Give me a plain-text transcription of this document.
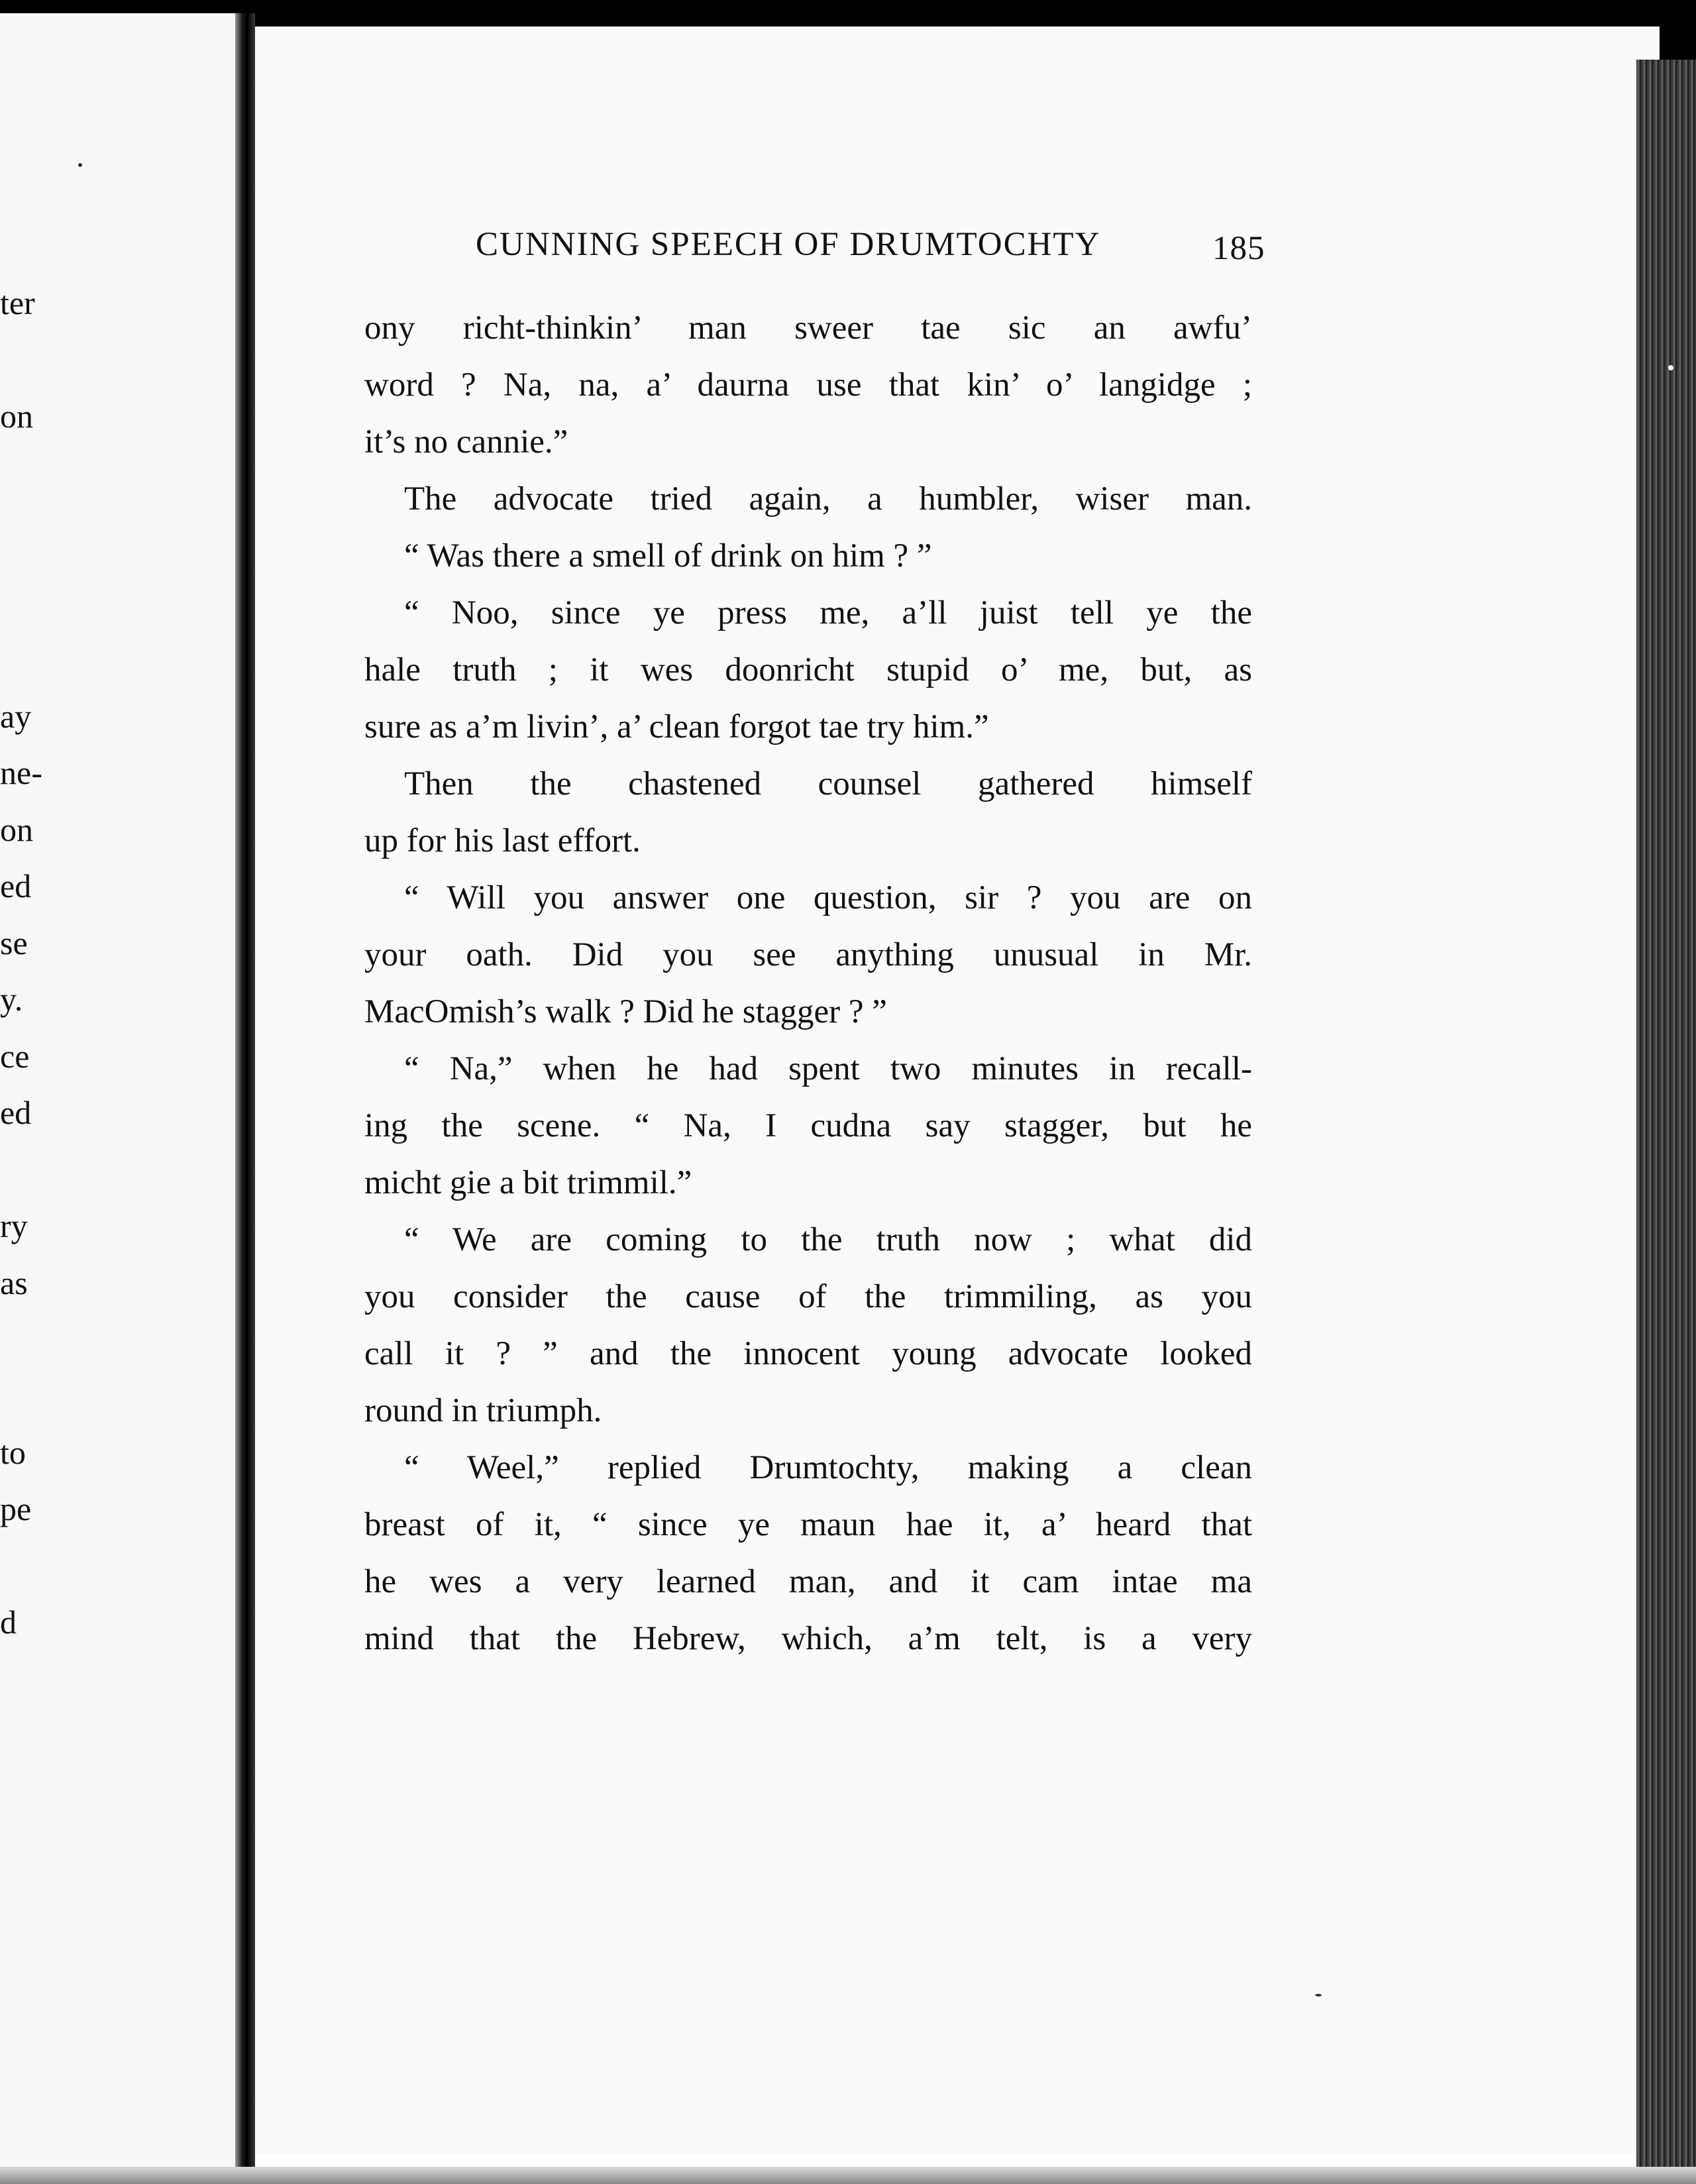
ter
on
ay
ne-
on
ed
se
y.
ce
ed
ry
as
to
pe
d
CUNNING SPEECH OF DRUMTOCHTY	185
ony richt-thinkin’ man sweer tae sic an awfu’
word ? Na, na, a’ daurna use that kin’ o’ langidge ;
it’s no cannie.”
The advocate tried again, a humbler, wiser man.
“ Was there a smell of drink on him ? ”
“ Noo, since ye press me, a’ll juist tell ye the
hale truth ; it wes doonricht stupid o’ me, but, as
sure as a’m livin’, a’ clean forgot tae try him.”
Then the chastened counsel gathered himself
up for his last effort.
“ Will you answer one question, sir ? you are on
your oath. Did you see anything unusual in Mr.
MacOmish’s walk ? Did he stagger ? ”
“ Na,” when he had spent two minutes in recall-
ing the scene. “ Na, I cudna say stagger, but he
micht gie a bit trimmil.”
“ We are coming to the truth now ; what did
you consider the cause of the trimmiling, as you
call it ? ” and the innocent young advocate looked
round in triumph.
“ Weel,” replied Drumtochty, making a clean
breast of it, “ since ye maun hae it, a’ heard that
he wes a very learned man, and it cam intae ma
mind that the Hebrew, which, a’m telt, is a very
